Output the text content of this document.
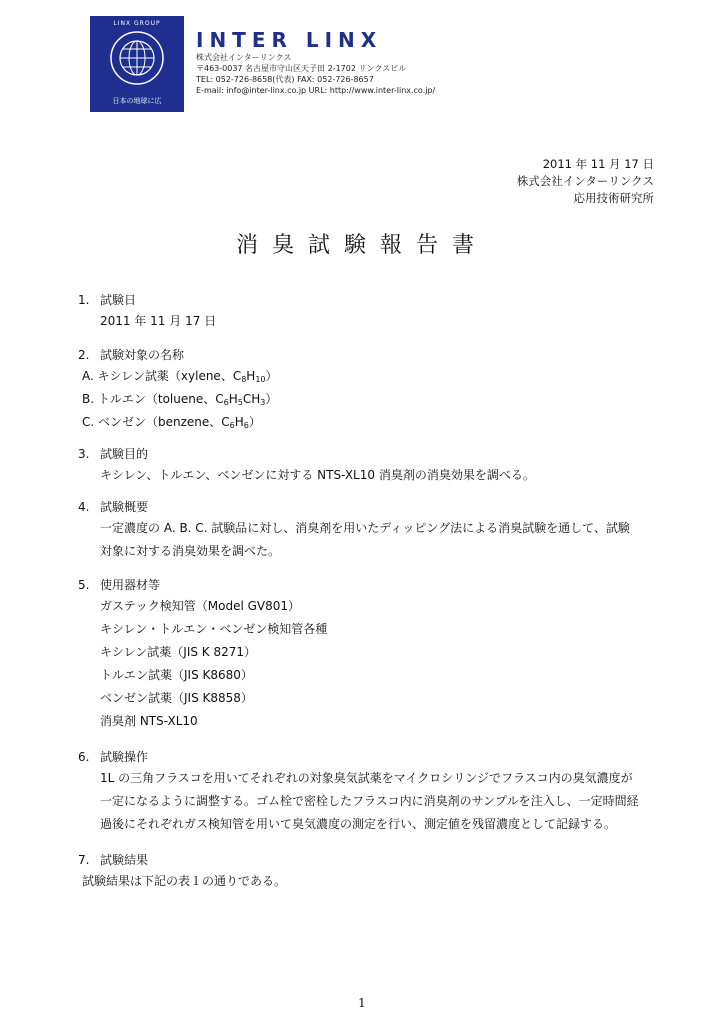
LINX GROUP
日本の地球に広
INTER LINX
株式会社インターリンクス
〒463-0037 名古屋市守山区天子田 2-1702 リンクスビル
TEL: 052-726-8658(代表) FAX: 052-726-8657
E-mail: info@inter-linx.co.jp URL: http://www.inter-linx.co.jp/
2011 年 11 月 17 日
株式会社インターリンクス
応用技術研究所
消臭試験報告書
1. 試験日
2011 年 11 月 17 日
2. 試験対象の名称
A. キシレン試薬（xylene、$C_8H_{10}$）
B. トルエン（toluene、$C_6H_5CH_3$）
C. ベンゼン（benzene、$C_6H_6$）
3. 試験目的
キシレン、トルエン、ベンゼンに対する NTS-XL10 消臭剤の消臭効果を調べる。
4. 試験概要
一定濃度の A. B. C. 試験品に対し、消臭剤を用いたディッピング法による消臭試験を通して、試験
対象に対する消臭効果を調べた。
5. 使用器材等
ガステック検知管（Model GV801）
キシレン・トルエン・ベンゼン検知管各種
キシレン試薬（JIS K 8271）
トルエン試薬（JIS K8680）
ベンゼン試薬（JIS K8858）
消臭剤 NTS-XL10
6. 試験操作
1L の三角フラスコを用いてそれぞれの対象臭気試薬をマイクロシリンジでフラスコ内の臭気濃度が
一定になるように調整する。ゴム栓で密栓したフラスコ内に消臭剤のサンプルを注入し、一定時間経
過後にそれぞれガス検知管を用いて臭気濃度の測定を行い、測定値を残留濃度として記録する。
7. 試験結果
試験結果は下記の表１の通りである。
1
